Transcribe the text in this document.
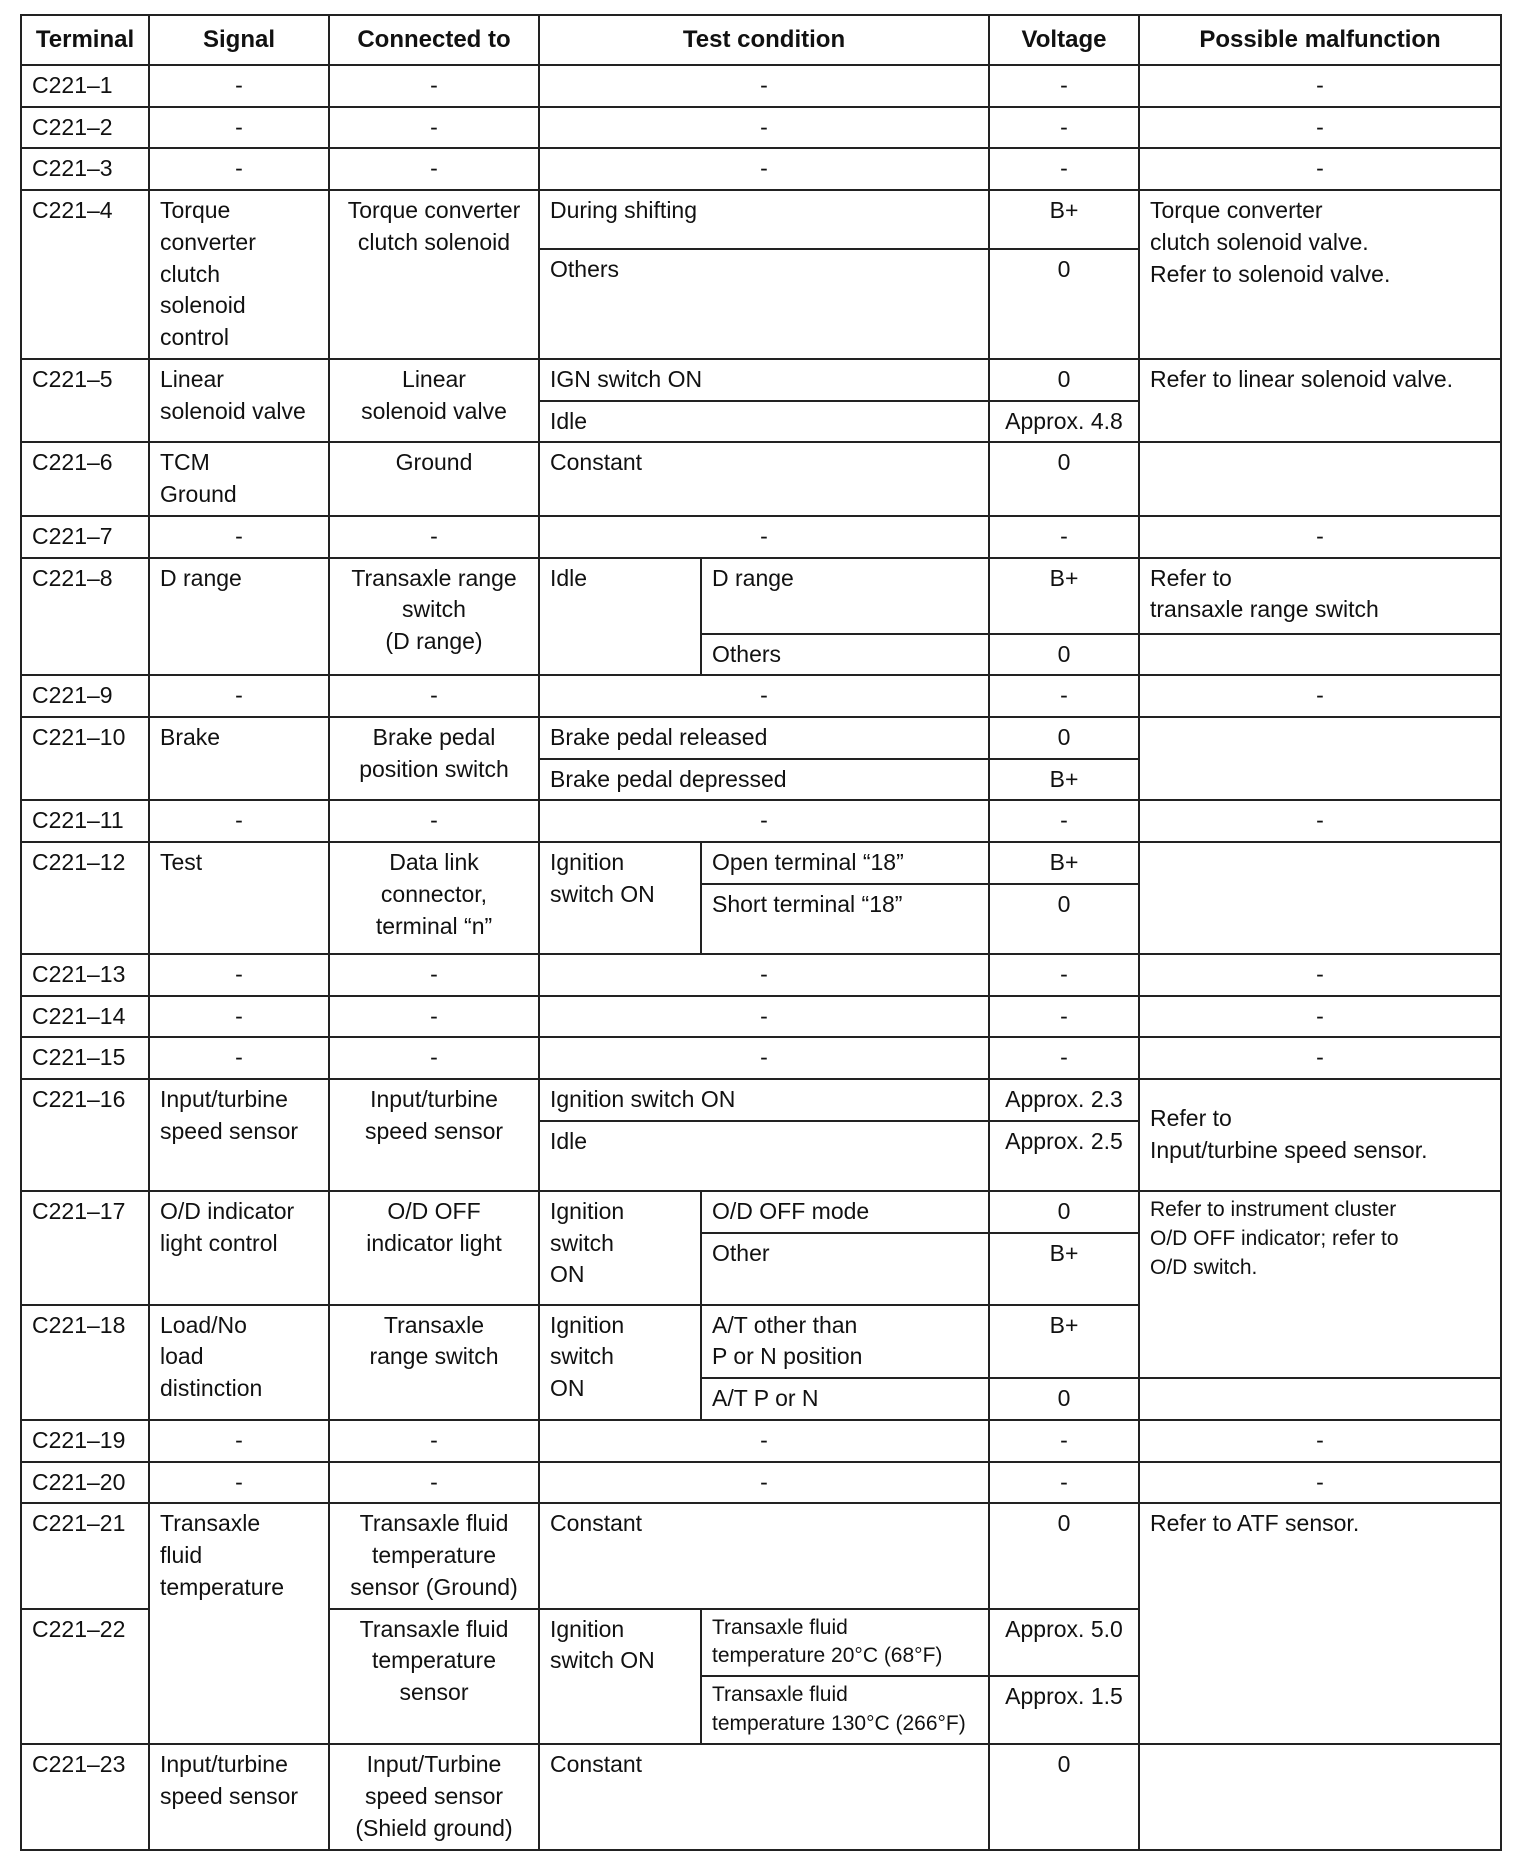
Terminal	Signal	Connected to	Test condition		Voltage	Possible malfunction
C221–1	-	-	-		-	-
C221–2	-	-	-		-	-
C221–3	-	-	-		-	-
C221–4	Torque
converter
clutch
solenoid
control	Torque converter
clutch solenoid	During shifting		B+	Torque converter
clutch solenoid valve.
Refer to solenoid valve.
			Others		0	
C221–5	Linear
solenoid valve	Linear
solenoid valve	IGN switch ON		0	Refer to linear solenoid valve.
			Idle		Approx. 4.8	
C221–6	TCM
Ground	Ground	Constant		0	
C221–7	-	-	-		-	-
C221–8	D range	Transaxle range
switch
(D range)	Idle	D range	B+	Refer to
transaxle range switch
				Others	0	
C221–9	-	-	-		-	-
C221–10	Brake	Brake pedal
position switch	Brake pedal released		0	
			Brake pedal depressed		B+	
C221–11	-	-	-		-	-
C221–12	Test	Data link
connector,
terminal “n”	Ignition
switch ON	Open terminal “18”	B+	
				Short terminal “18”	0	
C221–13	-	-	-		-	-
C221–14	-	-	-		-	-
C221–15	-	-	-		-	-
C221–16	Input/turbine
speed sensor	Input/turbine
speed sensor	Ignition switch ON		Approx. 2.3	Refer to
Input/turbine speed sensor.
			Idle		Approx. 2.5	
C221–17	O/D indicator
light control	O/D OFF
indicator light	Ignition
switch
ON	O/D OFF mode	0	Refer to instrument cluster
O/D OFF indicator; refer to
O/D switch.
				Other	B+	
C221–18	Load/No
load
distinction	Transaxle
range switch	Ignition
switch
ON	A/T other than
P or N position	B+	
				A/T P or N	0	
C221–19	-	-	-		-	-
C221–20	-	-	-		-	-
C221–21	Transaxle
fluid
temperature	Transaxle fluid
temperature
sensor (Ground)	Constant		0	Refer to ATF sensor.
C221–22		Transaxle fluid
temperature
sensor	Ignition
switch ON	Transaxle fluid
temperature 20°C (68°F)	Approx. 5.0	
				Transaxle fluid
temperature 130°C (266°F)	Approx. 1.5	
C221–23	Input/turbine
speed sensor	Input/Turbine
speed sensor
(Shield ground)	Constant		0	
